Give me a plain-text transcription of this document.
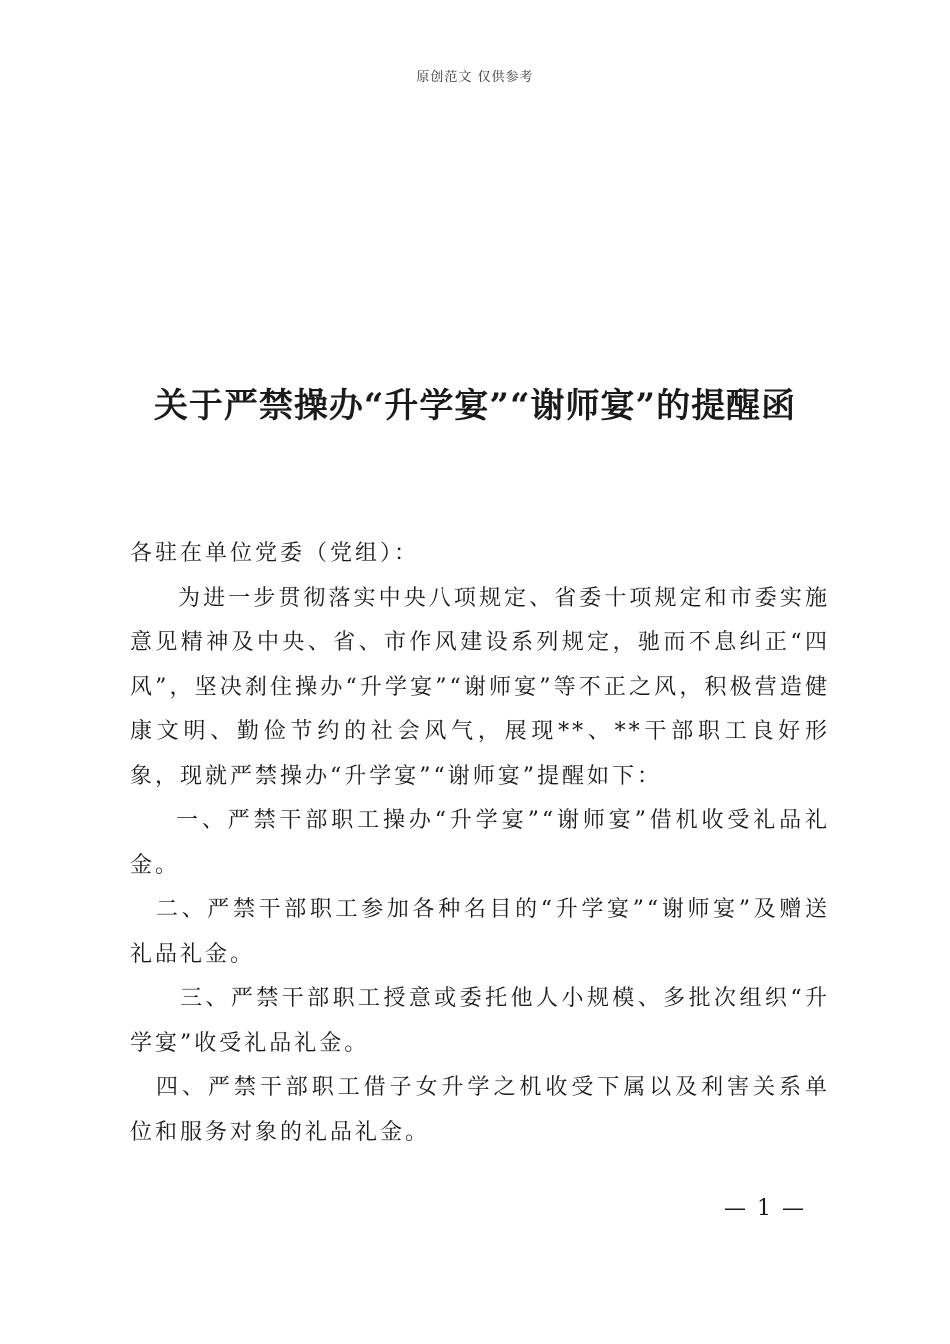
原创范文 仅供参考
关于严禁操办“升学宴”“谢师宴”的提醒函

各驻在单位党委（党组）：

为进一步贯彻落实中央八项规定、省委十项规定和市委实施意见精神及中央、省、市作风建设系列规定，驰而不息纠正“四风”，坚决刹住操办“升学宴”“谢师宴”等不正之风，积极营造健康文明、勤俭节约的社会风气，展现**、**干部职工良好形象，现就严禁操办“升学宴”“谢师宴”提醒如下：

一、严禁干部职工操办“升学宴”“谢师宴”借机收受礼品礼金。

二、严禁干部职工参加各种名目的“升学宴”“谢师宴”及赠送礼品礼金。

三、严禁干部职工授意或委托他人小规模、多批次组织“升学宴”收受礼品礼金。

四、严禁干部职工借子女升学之机收受下属以及利害关系单位和服务对象的礼品礼金。

— 1 —
